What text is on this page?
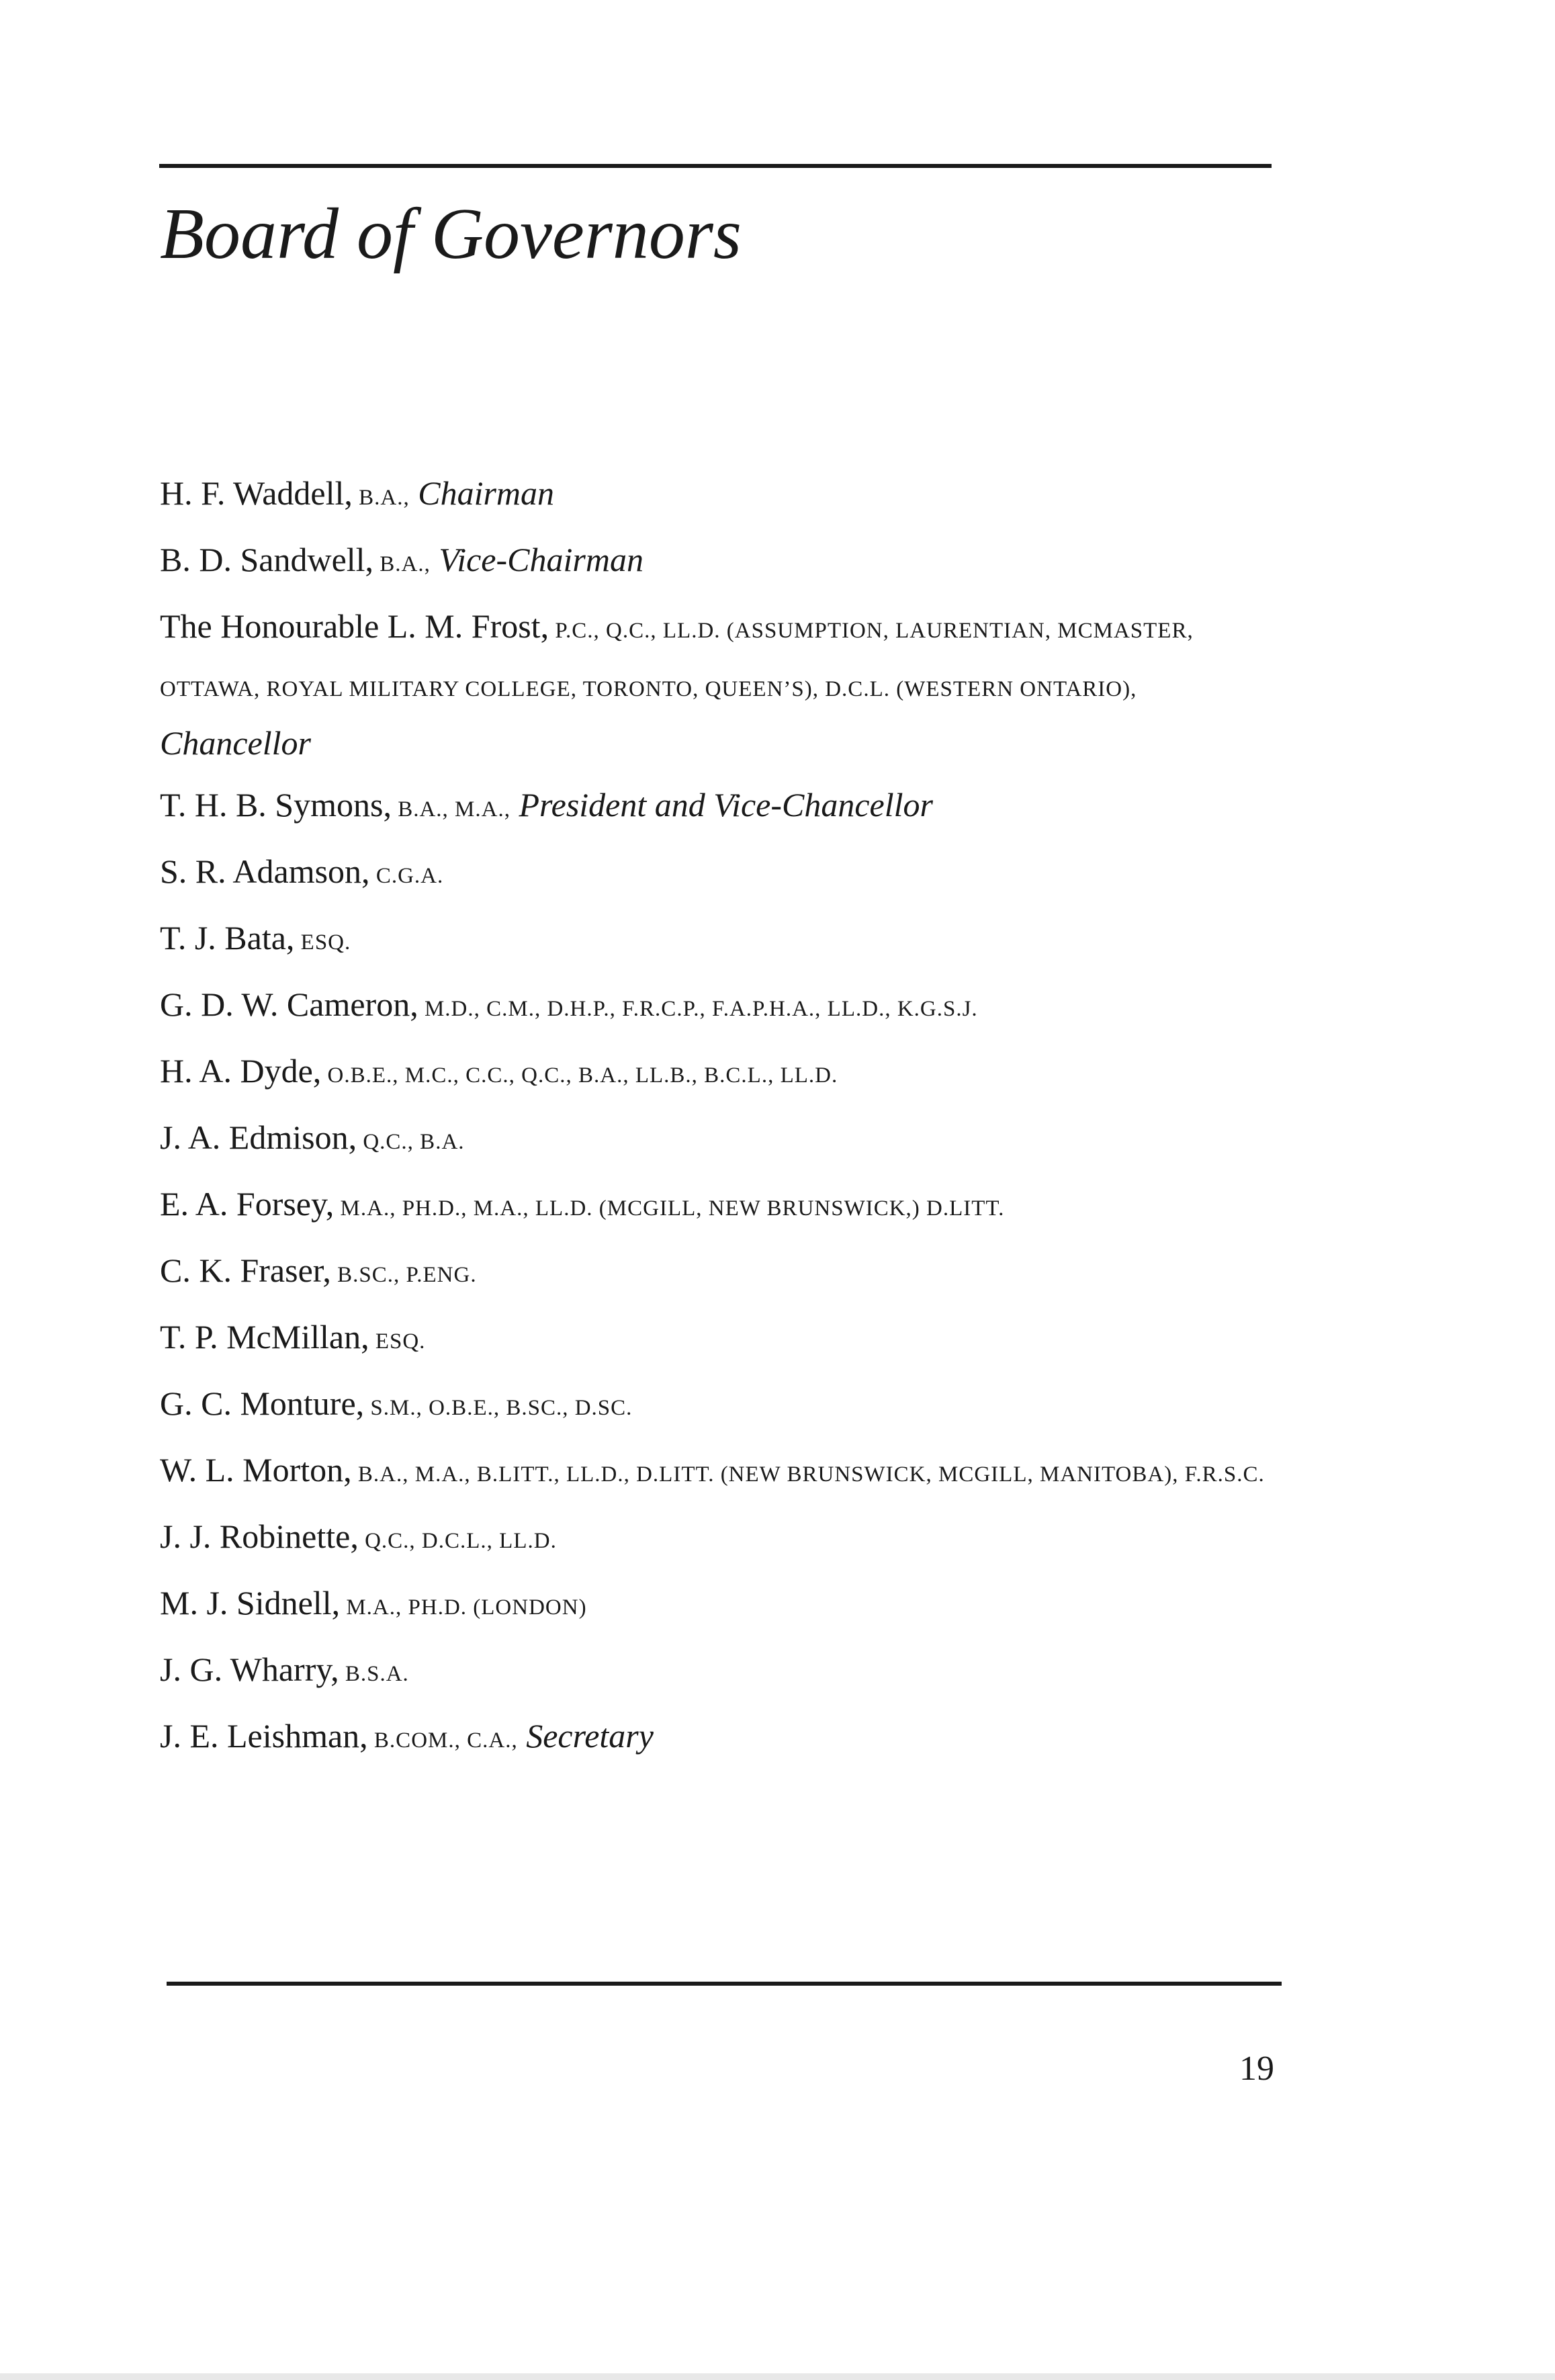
Board of Governors
H. F. Waddell, B.A., Chairman
B. D. Sandwell, B.A., Vice-Chairman
The Honourable L. M. Frost, P.C., Q.C., LL.D. (ASSUMPTION, LAURENTIAN, MCMASTER, OTTAWA, ROYAL MILITARY COLLEGE, TORONTO, QUEEN’S), D.C.L. (WESTERN ONTARIO), Chancellor
T. H. B. Symons, B.A., M.A., President and Vice-Chancellor
S. R. Adamson, C.G.A.
T. J. Bata, ESQ.
G. D. W. Cameron, M.D., C.M., D.H.P., F.R.C.P., F.A.P.H.A., LL.D., K.G.S.J.
H. A. Dyde, O.B.E., M.C., C.C., Q.C., B.A., LL.B., B.C.L., LL.D.
J. A. Edmison, Q.C., B.A.
E. A. Forsey, M.A., PH.D., M.A., LL.D. (MCGILL, NEW BRUNSWICK,) D.LITT.
C. K. Fraser, B.SC., P.ENG.
T. P. McMillan, ESQ.
G. C. Monture, S.M., O.B.E., B.SC., D.SC.
W. L. Morton, B.A., M.A., B.LITT., LL.D., D.LITT. (NEW BRUNSWICK, MCGILL, MANITOBA), F.R.S.C.
J. J. Robinette, Q.C., D.C.L., LL.D.
M. J. Sidnell, M.A., PH.D. (LONDON)
J. G. Wharry, B.S.A.
J. E. Leishman, B.COM., C.A., Secretary
19
